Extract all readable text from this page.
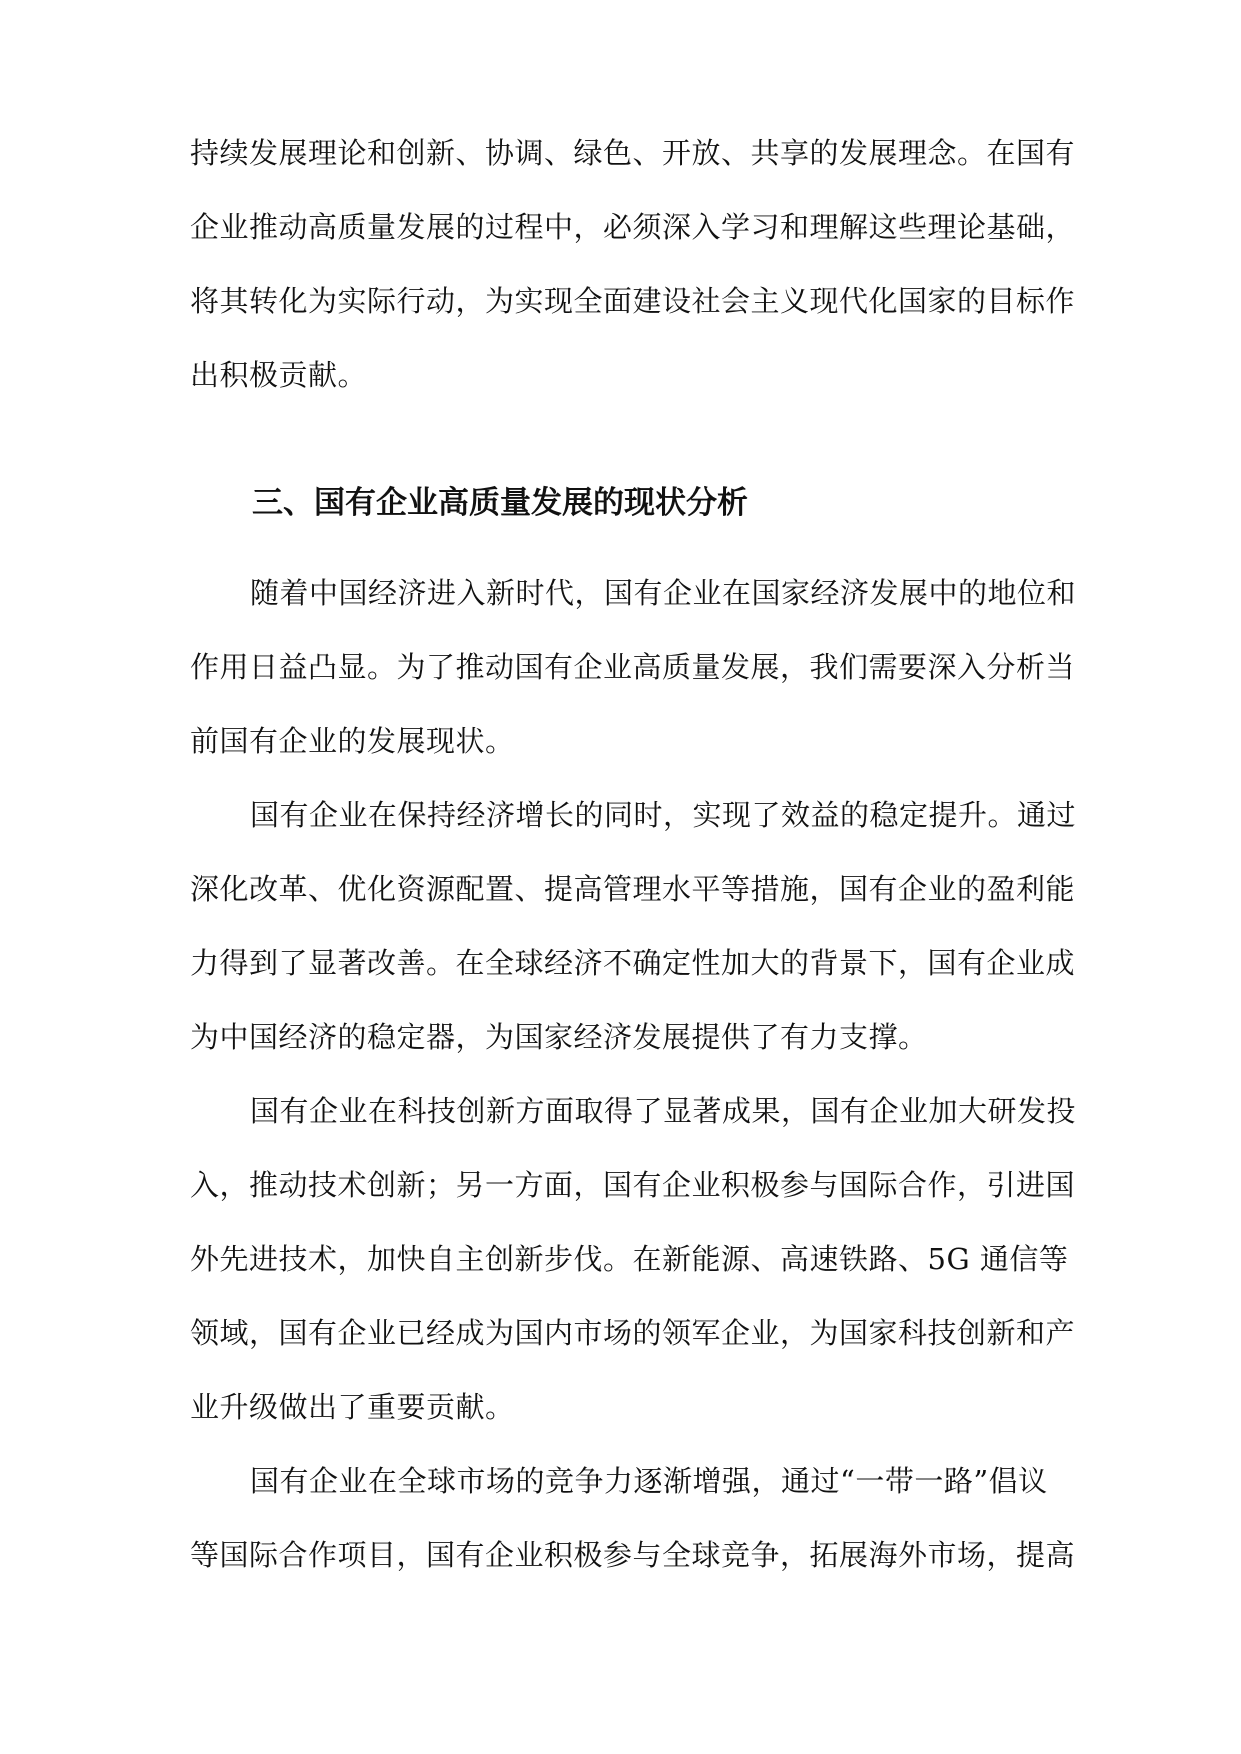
持续发展理论和创新、协调、绿色、开放、共享的发展理念。在国有
企业推动高质量发展的过程中，必须深入学习和理解这些理论基础，
将其转化为实际行动，为实现全面建设社会主义现代化国家的目标作
出积极贡献。
三、国有企业高质量发展的现状分析
随着中国经济进入新时代，国有企业在国家经济发展中的地位和
作用日益凸显。为了推动国有企业高质量发展，我们需要深入分析当
前国有企业的发展现状。
国有企业在保持经济增长的同时，实现了效益的稳定提升。通过
深化改革、优化资源配置、提高管理水平等措施，国有企业的盈利能
力得到了显著改善。在全球经济不确定性加大的背景下，国有企业成
为中国经济的稳定器，为国家经济发展提供了有力支撑。
国有企业在科技创新方面取得了显著成果，国有企业加大研发投
入，推动技术创新；另一方面，国有企业积极参与国际合作，引进国
外先进技术，加快自主创新步伐。在新能源、高速铁路、5G 通信等
领域，国有企业已经成为国内市场的领军企业，为国家科技创新和产
业升级做出了重要贡献。
国有企业在全球市场的竞争力逐渐增强，通过“一带一路”倡议
等国际合作项目，国有企业积极参与全球竞争，拓展海外市场，提高
